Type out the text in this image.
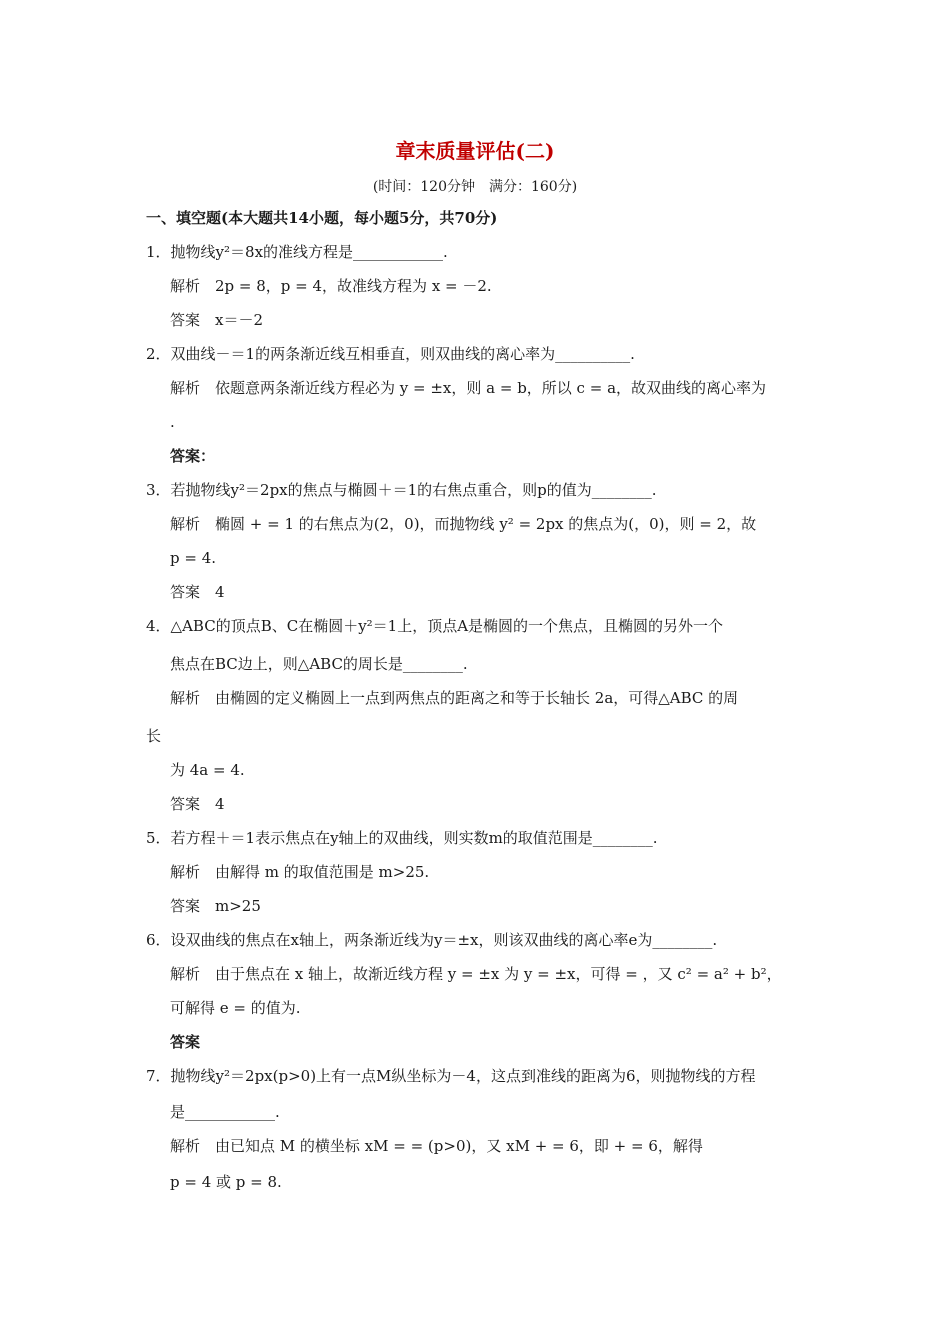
章末质量评估(二)
(时间：120分钟　满分：160分)
一、填空题(本大题共14小题，每小题5分，共70分)
1．抛物线y²＝8x的准线方程是____________.
解析　2p = 8，p = 4，故准线方程为 x = －2.
答案　x＝－2
2．双曲线－＝1的两条渐近线互相垂直，则双曲线的离心率为__________.
解析　依题意两条渐近线方程必为 y = ±x，则 a = b，所以 c = a，故双曲线的离心率为
.
答案：
3．若抛物线y²＝2px的焦点与椭圆＋＝1的右焦点重合，则p的值为________.
解析　椭圆 + = 1 的右焦点为(2，0)，而抛物线 y² = 2px 的焦点为(，0)，则 = 2，故
p = 4.
答案　4
4．△ABC的顶点B、C在椭圆＋y²＝1上，顶点A是椭圆的一个焦点，且椭圆的另外一个
焦点在BC边上，则△ABC的周长是________.
解析　由椭圆的定义椭圆上一点到两焦点的距离之和等于长轴长 2a，可得△ABC 的周
长
为 4a = 4.
答案　4
5．若方程＋＝1表示焦点在y轴上的双曲线，则实数m的取值范围是________.
解析　由解得 m 的取值范围是 m>25.
答案　m>25
6．设双曲线的焦点在x轴上，两条渐近线为y＝±x，则该双曲线的离心率e为________.
解析　由于焦点在 x 轴上，故渐近线方程 y = ±x 为 y = ±x，可得 = ，又 c² = a² + b²，
可解得 e = 的值为.
答案
7．抛物线y²＝2px(p>0)上有一点M纵坐标为－4，这点到准线的距离为6，则抛物线的方程
是____________.
解析　由已知点 M 的横坐标 xM = = (p>0)，又 xM + = 6，即 + = 6，解得
p = 4 或 p = 8.
